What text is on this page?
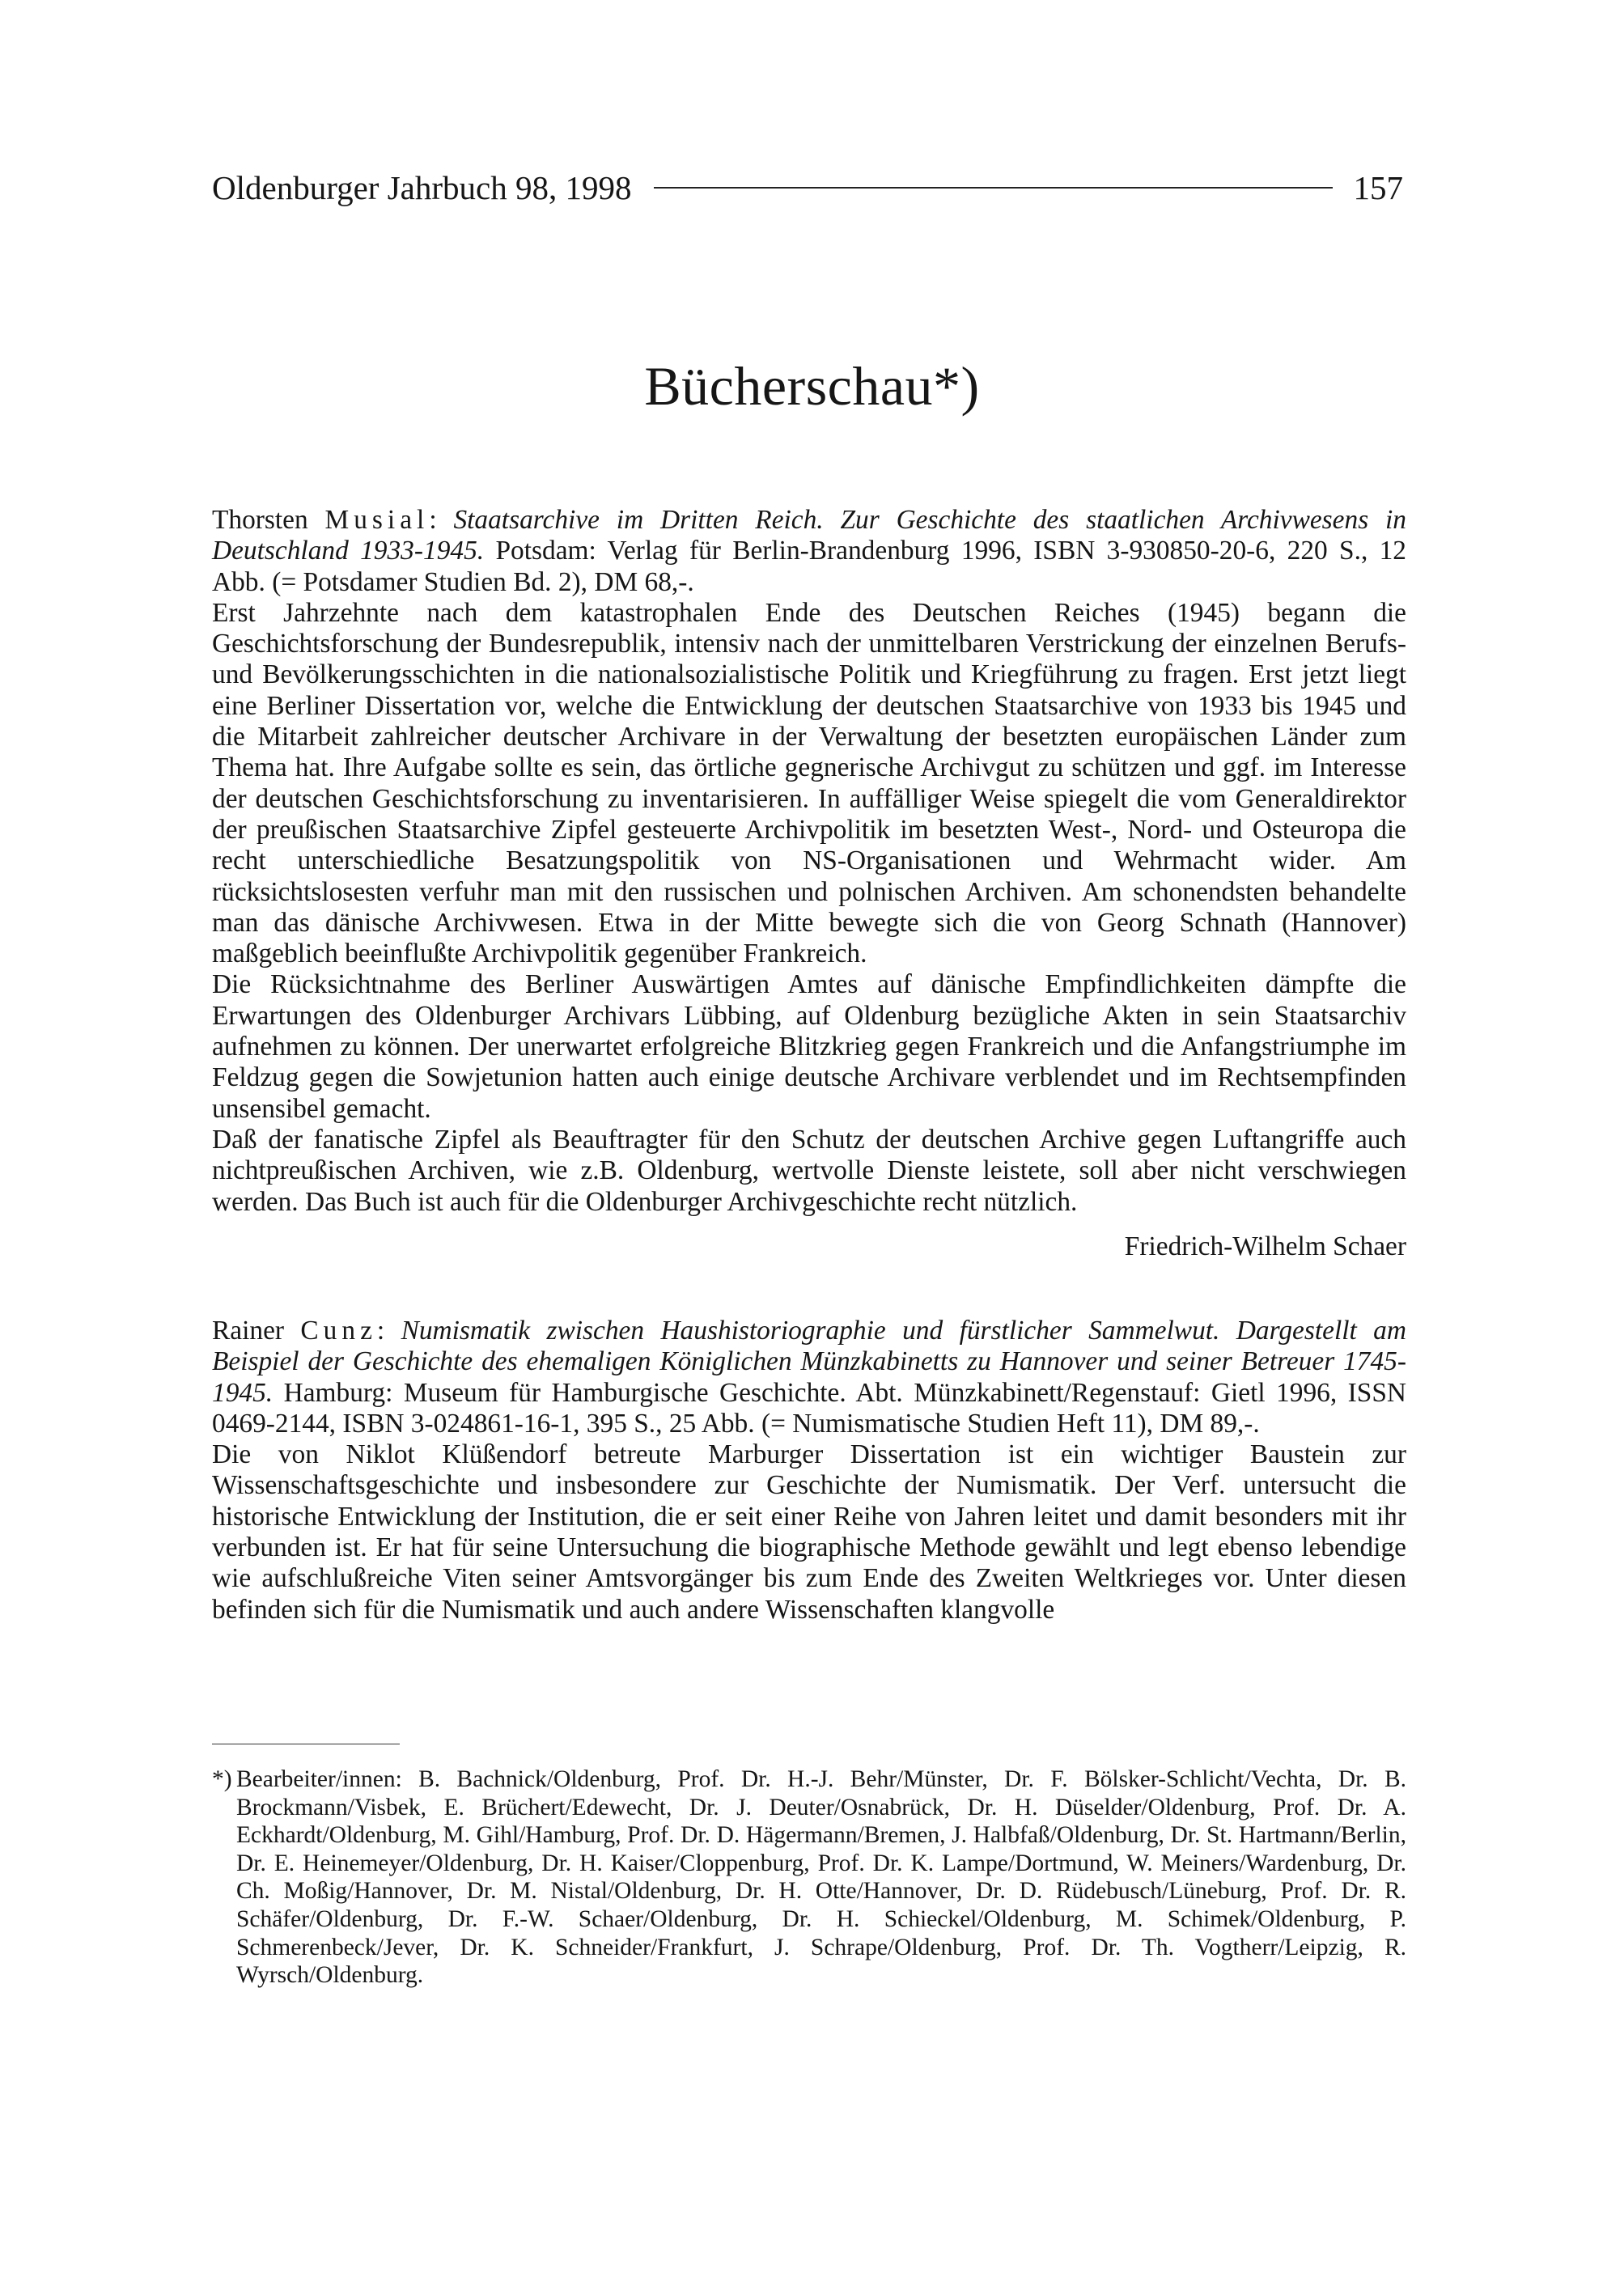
Oldenburger Jahrbuch 98, 1998	157
Bücherschau*)

Thorsten Musial: Staatsarchive im Dritten Reich. Zur Geschichte des staatlichen Archivwesens in Deutschland 1933-1945. Potsdam: Verlag für Berlin-Brandenburg 1996, ISBN 3-930850-20-6, 220 S., 12 Abb. (= Potsdamer Studien Bd. 2), DM 68,-.

Erst Jahrzehnte nach dem katastrophalen Ende des Deutschen Reiches (1945) begann die Geschichtsforschung der Bundesrepublik, intensiv nach der unmittelbaren Verstrickung der einzelnen Berufs- und Bevölkerungsschichten in die nationalsozialistische Politik und Kriegführung zu fragen. Erst jetzt liegt eine Berliner Dissertation vor, welche die Entwicklung der deutschen Staatsarchive von 1933 bis 1945 und die Mitarbeit zahlreicher deutscher Archivare in der Verwaltung der besetzten europäischen Länder zum Thema hat. Ihre Aufgabe sollte es sein, das örtliche gegnerische Archivgut zu schützen und ggf. im Interesse der deutschen Geschichtsforschung zu inventarisieren. In auffälliger Weise spiegelt die vom Generaldirektor der preußischen Staatsarchive Zipfel gesteuerte Archivpolitik im besetzten West-, Nord- und Osteuropa die recht unterschiedliche Besatzungspolitik von NS-Organisationen und Wehrmacht wider. Am rücksichtslosesten verfuhr man mit den russischen und polnischen Archiven. Am schonendsten behandelte man das dänische Archivwesen. Etwa in der Mitte bewegte sich die von Georg Schnath (Hannover) maßgeblich beeinflußte Archivpolitik gegenüber Frankreich.

Die Rücksichtnahme des Berliner Auswärtigen Amtes auf dänische Empfindlichkeiten dämpfte die Erwartungen des Oldenburger Archivars Lübbing, auf Oldenburg bezügliche Akten in sein Staatsarchiv aufnehmen zu können. Der unerwartet erfolgreiche Blitzkrieg gegen Frankreich und die Anfangstriumphe im Feldzug gegen die Sowjetunion hatten auch einige deutsche Archivare verblendet und im Rechtsempfinden unsensibel gemacht.

Daß der fanatische Zipfel als Beauftragter für den Schutz der deutschen Archive gegen Luftangriffe auch nichtpreußischen Archiven, wie z.B. Oldenburg, wertvolle Dienste leistete, soll aber nicht verschwiegen werden. Das Buch ist auch für die Oldenburger Archivgeschichte recht nützlich.

Friedrich-Wilhelm Schaer

Rainer Cunz: Numismatik zwischen Haushistoriographie und fürstlicher Sammelwut. Dargestellt am Beispiel der Geschichte des ehemaligen Königlichen Münzkabinetts zu Hannover und seiner Betreuer 1745-1945. Hamburg: Museum für Hamburgische Geschichte. Abt. Münzkabinett/Regenstauf: Gietl 1996, ISSN 0469-2144, ISBN 3-024861-16-1, 395 S., 25 Abb. (= Numismatische Studien Heft 11), DM 89,-.

Die von Niklot Klüßendorf betreute Marburger Dissertation ist ein wichtiger Baustein zur Wissenschaftsgeschichte und insbesondere zur Geschichte der Numismatik. Der Verf. untersucht die historische Entwicklung der Institution, die er seit einer Reihe von Jahren leitet und damit besonders mit ihr verbunden ist. Er hat für seine Untersuchung die biographische Methode gewählt und legt ebenso lebendige wie aufschlußreiche Viten seiner Amtsvorgänger bis zum Ende des Zweiten Weltkrieges vor. Unter diesen befinden sich für die Numismatik und auch andere Wissenschaften klangvolle

*) Bearbeiter/innen: B. Bachnick/Oldenburg, Prof. Dr. H.-J. Behr/Münster, Dr. F. Bölsker-Schlicht/Vechta, Dr. B. Brockmann/Visbek, E. Brüchert/Edewecht, Dr. J. Deuter/Osnabrück, Dr. H. Düselder/Oldenburg, Prof. Dr. A. Eckhardt/Oldenburg, M. Gihl/Hamburg, Prof. Dr. D. Hägermann/Bremen, J. Halbfaß/Oldenburg, Dr. St. Hartmann/Berlin, Dr. E. Heinemeyer/Oldenburg, Dr. H. Kaiser/Cloppenburg, Prof. Dr. K. Lampe/Dortmund, W. Meiners/Wardenburg, Dr. Ch. Moßig/Hannover, Dr. M. Nistal/Oldenburg, Dr. H. Otte/Hannover, Dr. D. Rüdebusch/Lüneburg, Prof. Dr. R. Schäfer/Oldenburg, Dr. F.-W. Schaer/Oldenburg, Dr. H. Schieckel/Oldenburg, M. Schimek/Oldenburg, P. Schmerenbeck/Jever, Dr. K. Schneider/Frankfurt, J. Schrape/Oldenburg, Prof. Dr. Th. Vogtherr/Leipzig, R. Wyrsch/Oldenburg.
